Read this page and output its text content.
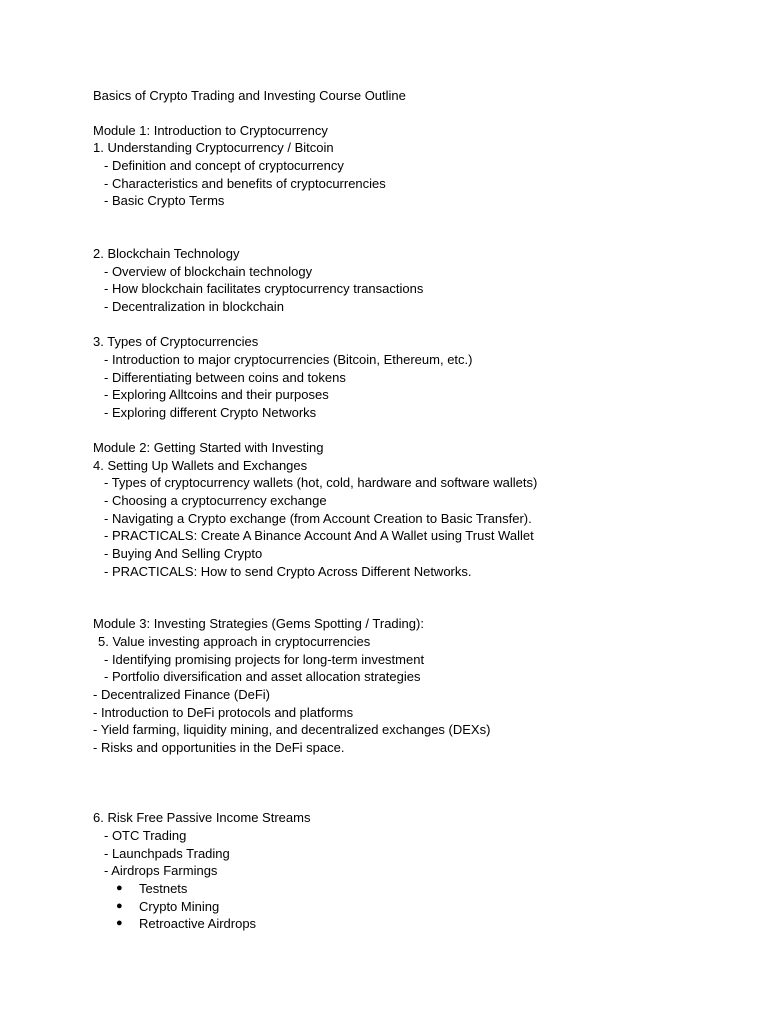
Basics of Crypto Trading and Investing Course Outline
Module 1: Introduction to Cryptocurrency
1. Understanding Cryptocurrency / Bitcoin
- Definition and concept of cryptocurrency
- Characteristics and benefits of cryptocurrencies
- Basic Crypto Terms
2. Blockchain Technology
- Overview of blockchain technology
- How blockchain facilitates cryptocurrency transactions
- Decentralization in blockchain
3. Types of Cryptocurrencies
- Introduction to major cryptocurrencies (Bitcoin, Ethereum, etc.)
- Differentiating between coins and tokens
- Exploring Alltcoins and their purposes
- Exploring different Crypto Networks
Module 2: Getting Started with Investing
4. Setting Up Wallets and Exchanges
- Types of cryptocurrency wallets (hot, cold, hardware and software wallets)
- Choosing a cryptocurrency exchange
- Navigating a Crypto exchange (from Account Creation to Basic Transfer).
- PRACTICALS: Create A Binance Account And A Wallet using Trust Wallet
- Buying And Selling Crypto
- PRACTICALS: How to send Crypto Across Different Networks.
Module 3: Investing Strategies (Gems Spotting / Trading):
5. Value investing approach in cryptocurrencies
- Identifying promising projects for long-term investment
- Portfolio diversification and asset allocation strategies
- Decentralized Finance (DeFi)
- Introduction to DeFi protocols and platforms
- Yield farming, liquidity mining, and decentralized exchanges (DEXs)
- Risks and opportunities in the DeFi space.
6. Risk Free Passive Income Streams
- OTC Trading
- Launchpads Trading
- Airdrops Farmings
● Testnets
● Crypto Mining
● Retroactive Airdrops
